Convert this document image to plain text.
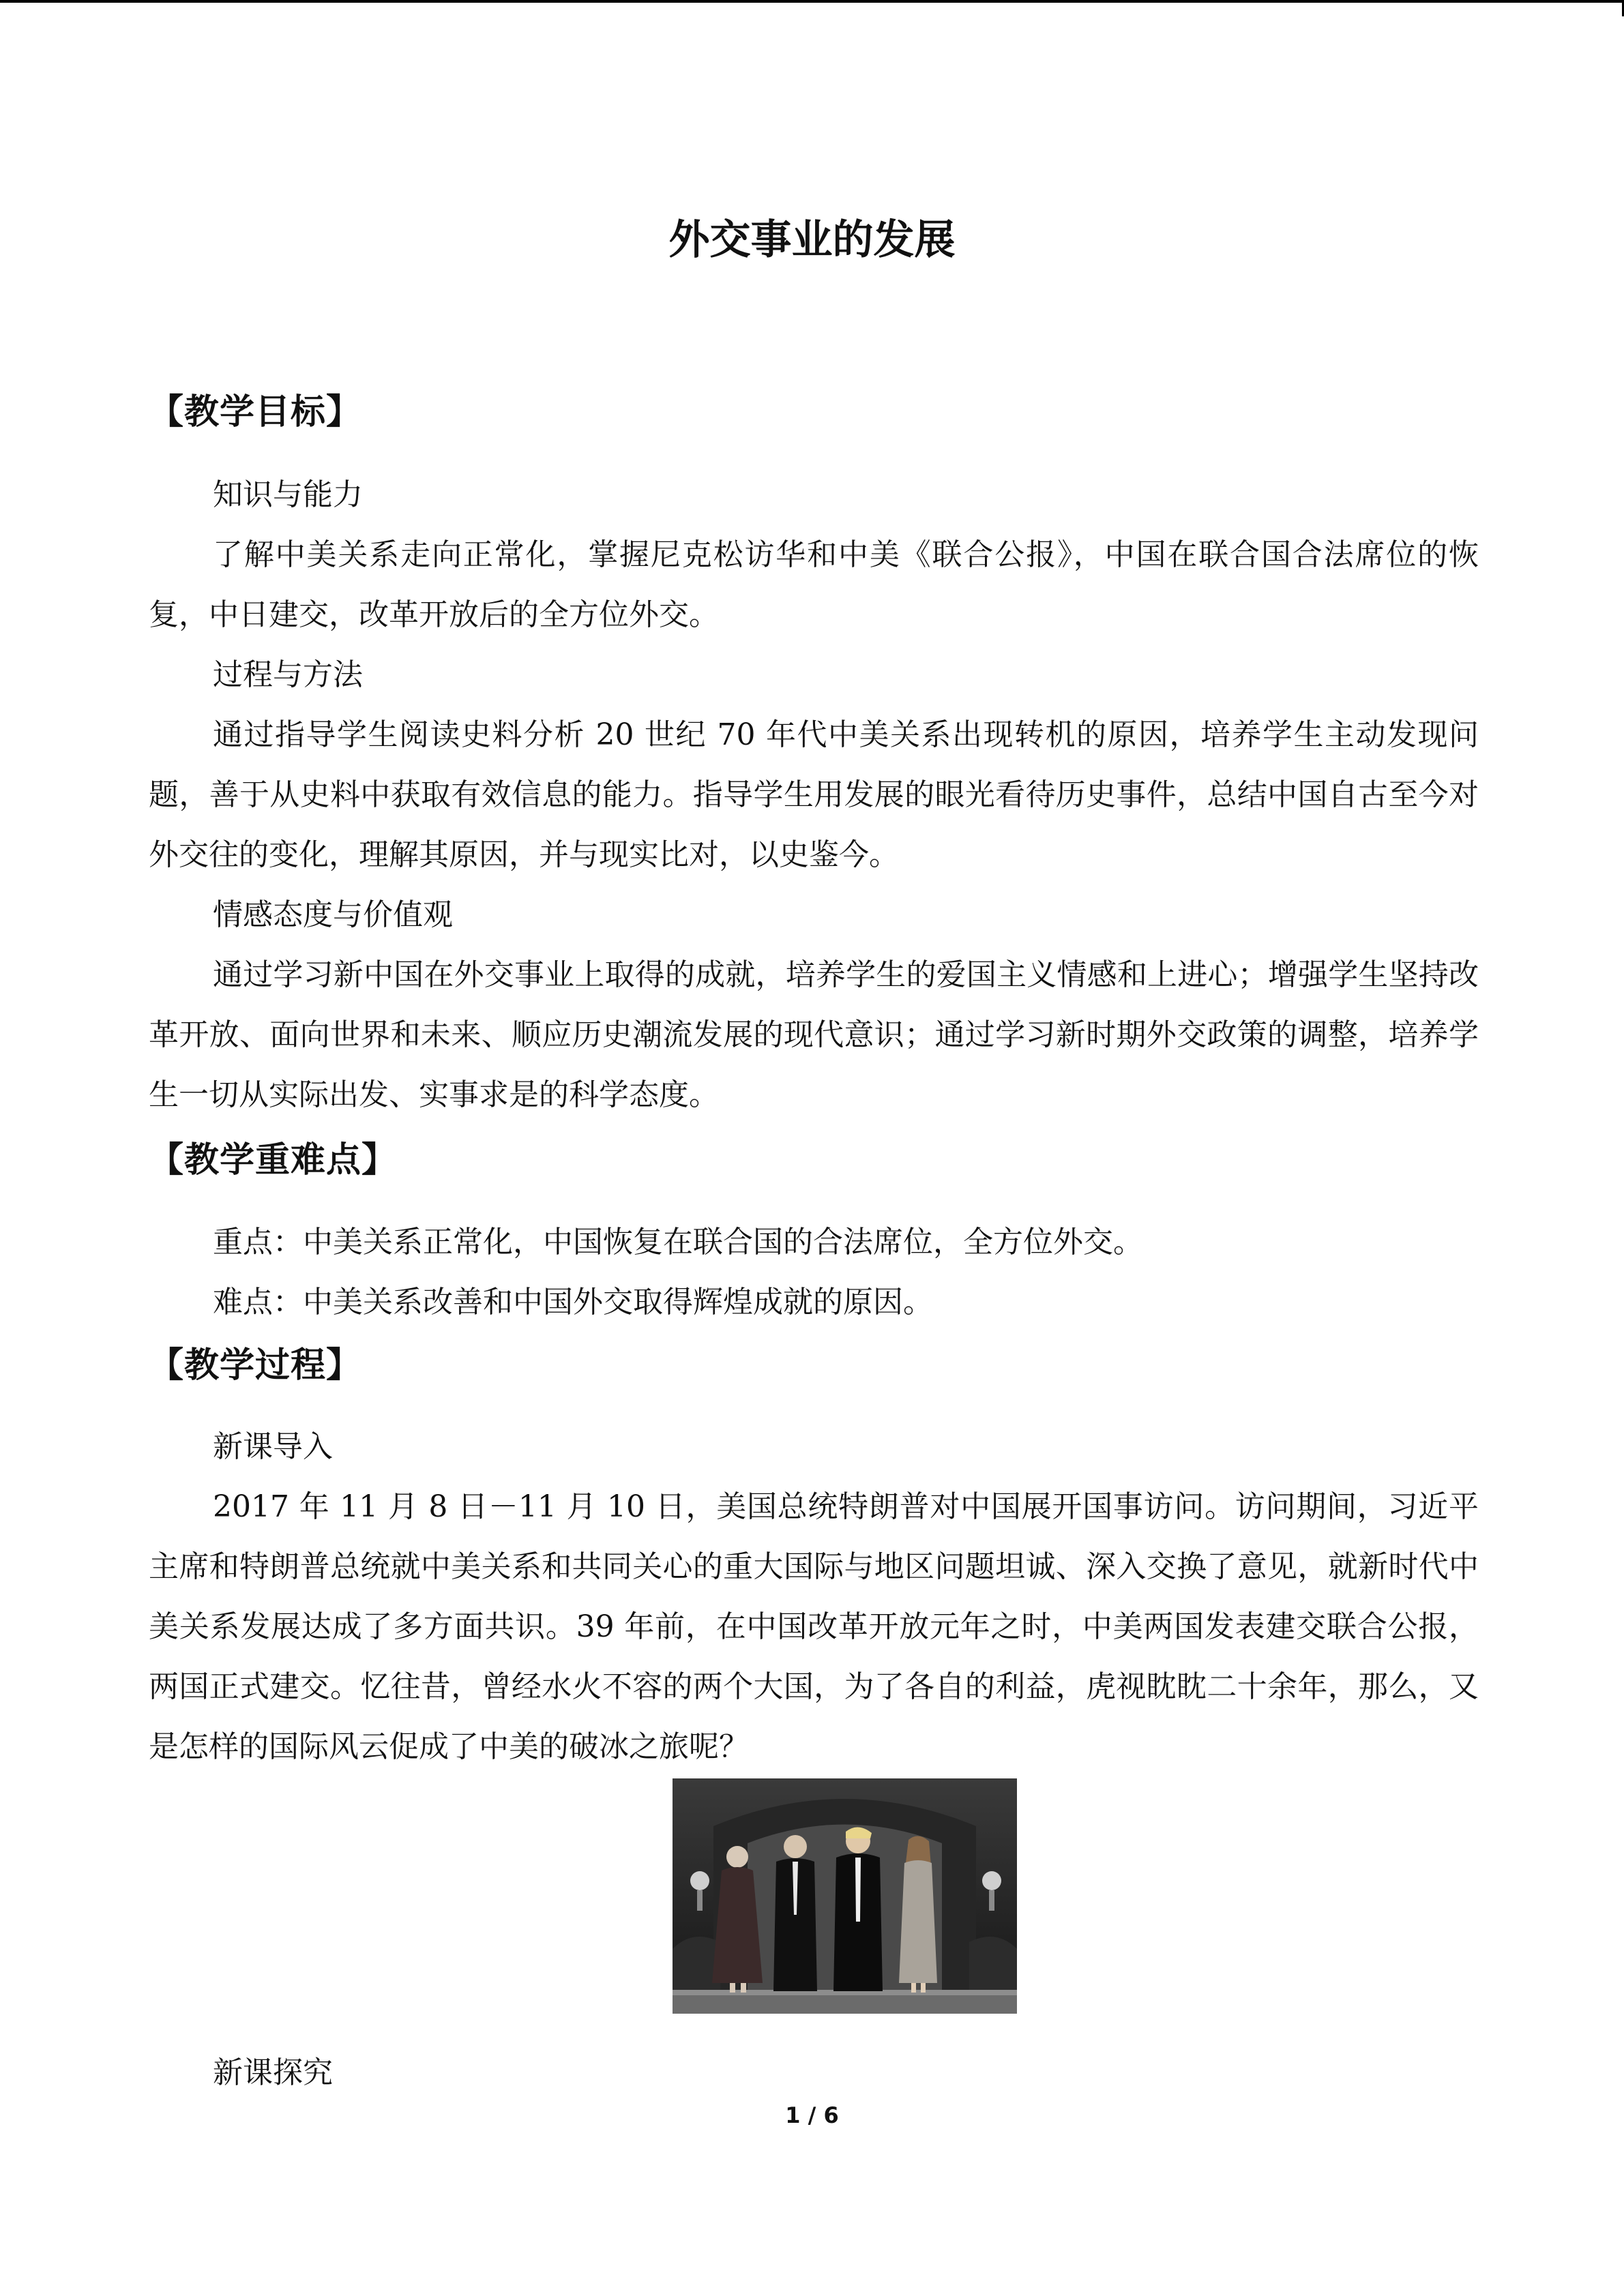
外交事业的发展
【教学目标】
知识与能力

了解中美关系走向正常化，掌握尼克松访华和中美《联合公报》，中国在联合国合法席位的恢复，中日建交，改革开放后的全方位外交。

过程与方法

通过指导学生阅读史料分析 20 世纪 70 年代中美关系出现转机的原因，培养学生主动发现问题，善于从史料中获取有效信息的能力。指导学生用发展的眼光看待历史事件，总结中国自古至今对外交往的变化，理解其原因，并与现实比对，以史鉴今。

情感态度与价值观

通过学习新中国在外交事业上取得的成就，培养学生的爱国主义情感和上进心；增强学生坚持改革开放、面向世界和未来、顺应历史潮流发展的现代意识；通过学习新时期外交政策的调整，培养学生一切从实际出发、实事求是的科学态度。

【教学重难点】

重点：中美关系正常化，中国恢复在联合国的合法席位，全方位外交。

难点：中美关系改善和中国外交取得辉煌成就的原因。

【教学过程】
新课导入

2017 年 11 月 8 日－11 月 10 日，美国总统特朗普对中国展开国事访问。访问期间，习近平主席和特朗普总统就中美关系和共同关心的重大国际与地区问题坦诚、深入交换了意见，就新时代中美关系发展达成了多方面共识。39 年前，在中国改革开放元年之时，中美两国发表建交联合公报，两国正式建交。忆往昔，曾经水火不容的两个大国，为了各自的利益，虎视眈眈二十余年，那么，又是怎样的国际风云促成了中美的破冰之旅呢？

新课探究
1 / 6
